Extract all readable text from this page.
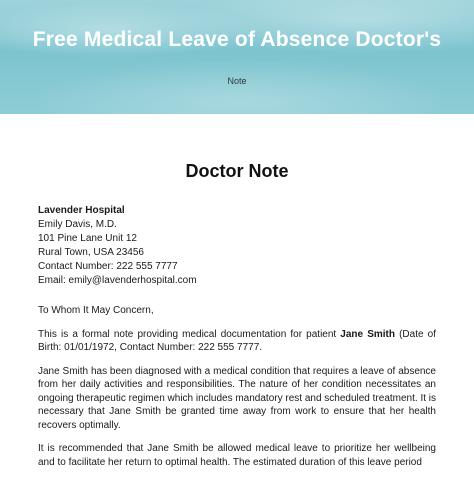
Free Medical Leave of Absence Doctor's
Note
Doctor Note
Lavender Hospital
Emily Davis, M.D.
101 Pine Lane Unit 12
Rural Town, USA 23456
Contact Number: 222 555 7777
Email: emily@lavenderhospital.com

To Whom It May Concern,

This is a formal note providing medical documentation for patient Jane Smith (Date of Birth: 01/01/1972, Contact Number: 222 555 7777.

Jane Smith has been diagnosed with a medical condition that requires a leave of absence from her daily activities and responsibilities. The nature of her condition necessitates an ongoing therapeutic regimen which includes mandatory rest and scheduled treatment. It is necessary that Jane Smith be granted time away from work to ensure that her health recovers optimally.

It is recommended that Jane Smith be allowed medical leave to prioritize her wellbeing and to facilitate her return to optimal health. The estimated duration of this leave period
